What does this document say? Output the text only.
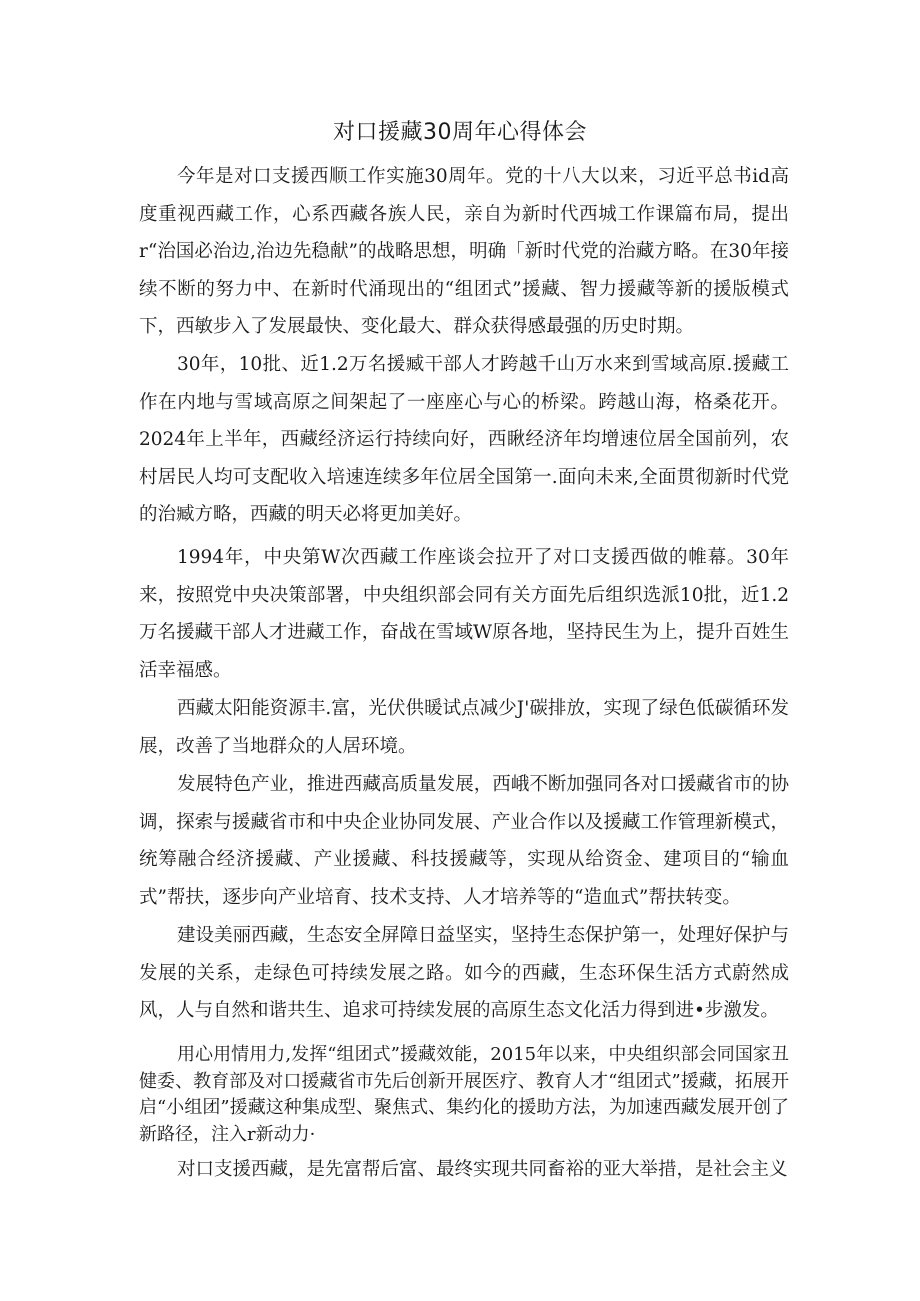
对口援藏30周年心得体会

今年是对口支援西顺工作实施30周年。党的十八大以来，习近平总书id高度重视西藏工作，心系西藏各族人民，亲自为新时代西城工作课篇布局，提出r“治国必治边,治边先稳献”的战略思想，明确「新时代党的治藏方略。在30年接续不断的努力中、在新时代涌现出的“组团式”援藏、智力援藏等新的援版模式下，西敏步入了发展最快、变化最大、群众获得感最强的历史时期。

30年，10批、近1.2万名援臧干部人才跨越千山万水来到雪域高原.援藏工作在内地与雪域高原之间架起了一座座心与心的桥梁。跨越山海，格桑花开。2024年上半年，西藏经济运行持续向好，西瞅经济年均增速位居全国前列，农村居民人均可支配收入培速连续多年位居全国第一.面向未来,全面贯彻新时代党的治臧方略，西藏的明天必将更加美好。

1994年，中央第W次西藏工作座谈会拉开了对口支援西做的帷幕。30年来，按照党中央决策部署，中央组织部会同有关方面先后组织选派10批，近1.2万名援藏干部人才进藏工作，奋战在雪域W原各地，坚持民生为上，提升百姓生活幸福感。

西藏太阳能资源丰.富，光伏供暖试点减少J'碳排放，实现了绿色低碳循环发展，改善了当地群众的人居环境。

发展特色产业，推进西藏高质量发展，西峨不断加强同各对口援藏省市的协调，探索与援藏省市和中央企业协同发展、产业合作以及援藏工作管理新模式，统筹融合经济援藏、产业援藏、科技援藏等，实现从给资金、建项目的“输血式”帮扶，逐步向产业培育、技术支持、人才培养等的“造血式”帮扶转变。

建设美丽西藏，生态安全屏障日益坚实，坚持生态保护第一，处理好保护与发展的关系，走绿色可持续发展之路。如今的西藏，生态环保生活方式蔚然成风，人与自然和谐共生、追求可持续发展的高原生态文化活力得到进•步激发。

用心用情用力,发挥“组团式”援藏效能，2015年以来，中央组织部会同国家丑健委、教育部及对口援藏省市先后创新开展医疗、教育人才“组团式”援藏，拓展开启“小组团”援藏这种集成型、聚焦式、集约化的援助方法，为加速西藏发展开创了新路径，注入r新动力·

对口支援西藏，是先富帮后富、最终实现共同畜裕的亚大举措，是社会主义
